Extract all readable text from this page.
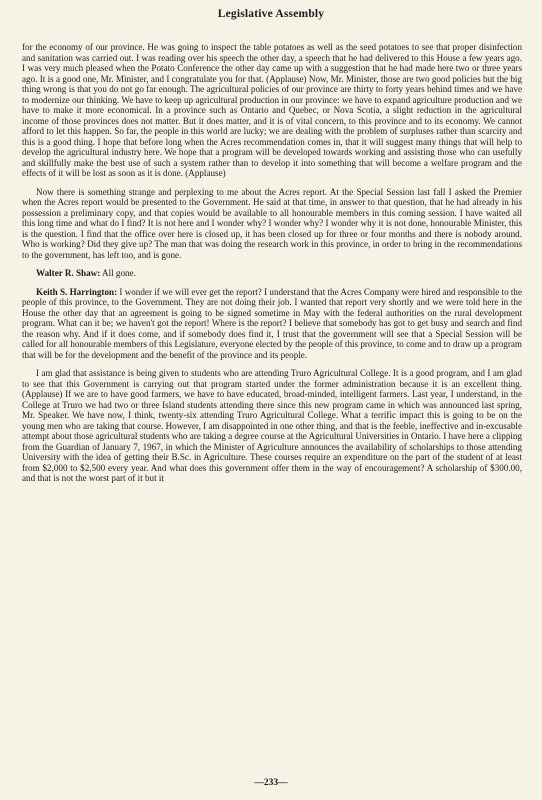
Legislative Assembly

for the economy of our province. He was going to inspect the table potatoes as well as the seed potatoes to see that proper disinfection and sanitation was carried out. I was reading over his speech the other day, a speech that he had delivered to this House a few years ago. I was very much pleased when the Potato Conference the other day came up with a suggestion that he had made here two or three years ago. It is a good one, Mr. Minister, and I congratulate you for that. (Applause) Now, Mr. Minister, those are two good policies but the big thing wrong is that you do not go far enough. The agricultural policies of our province are thirty to forty years behind times and we have to modernize our thinking. We have to keep up agricultural production in our province: we have to expand agriculture production and we have to make it more economical. In a province such as Ontario and Quebec, or Nova Scotia, a slight reduction in the agricultural income of those provinces does not matter. But it does matter, and it is of vital concern, to this province and to its economy. We cannot afford to let this happen. So far, the people in this world are lucky; we are dealing with the problem of surpluses rather than scarcity and this is a good thing. I hope that before long when the Acres recommendation comes in, that it will suggest many things that will help to develop the agricultural industry here. We hope that a program will be developed towards working and assisting those who can usefully and skillfully make the best use of such a system rather than to develop it into something that will become a welfare program and the effects of it will be lost as soon as it is done. (Applause)

Now there is something strange and perplexing to me about the Acres report. At the Special Session last fall I asked the Premier when the Acres report would be presented to the Government. He said at that time, in answer to that question, that he had already in his possession a preliminary copy, and that copies would be available to all honourable members in this coming session. I have waited all this long time and what do I find? It is not here and I wonder why? I wonder why? I wonder why it is not done, honourable Minister, this is the question. I find that the office over here is closed up, it has been closed up for three or four months and there is nobody around. Who is working? Did they give up? The man that was doing the research work in this province, in order to bring in the recommendations to the government, has left too, and is gone.

Walter R. Shaw: All gone.

Keith S. Harrington: I wonder if we will ever get the report? I understand that the Acres Company were hired and responsible to the people of this province, to the Government. They are not doing their job. I wanted that report very shortly and we were told here in the House the other day that an agreement is going to be signed sometime in May with the federal authorities on the rural development program. What can it be; we haven't got the report! Where is the report? I believe that somebody has got to get busy and search and find the reason why. And if it does come, and if somebody does find it, I trust that the government will see that a Special Session will be called for all honourable members of this Legislature, everyone elected by the people of this province, to come and to draw up a program that will be for the development and the benefit of the province and its people.

I am glad that assistance is being given to students who are attending Truro Agricultural College. It is a good program, and I am glad to see that this Government is carrying out that program started under the former administration because it is an excellent thing. (Applause) If we are to have good farmers, we have to have educated, broad-minded, intelligent farmers. Last year, I understand, in the College at Truro we had two or three Island students attending there since this new program came in which was announced last spring, Mr. Speaker. We have now, I think, twenty-six attending Truro Agricultural College. What a terrific impact this is going to be on the young men who are taking that course. However, I am disappointed in one other thing, and that is the feeble, ineffective and in-excusable attempt about those agricultural students who are taking a degree course at the Agricultural Universities in Ontario. I have here a clipping from the Guardian of January 7, 1967, in which the Minister of Agriculture announces the availability of scholarships to those attending University with the idea of getting their B.Sc. in Agriculture. These courses require an expenditure on the part of the student of at least from $2,000 to $2,500 every year. And what does this government offer them in the way of encouragement? A scholarship of $300.00, and that is not the worst part of it but it

—233—
